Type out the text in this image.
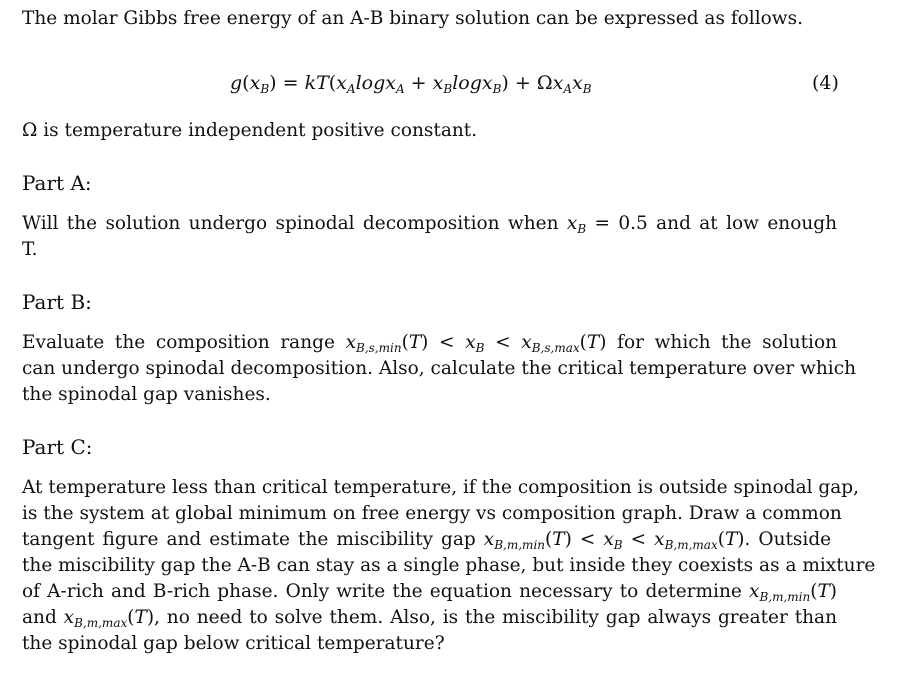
The molar Gibbs free energy of an A-B binary solution can be expressed as follows.
$g(x_B) = kT(x_A\log x_A + x_B\log x_B) + \Omega x_Ax_B$	(4)
Ω is temperature independent positive constant.
Part A:
Will the solution undergo spinodal decomposition when $x_B = 0.5$ and at low enough
T.
Part B:
Evaluate the composition range $x_{B,s,min}(T) < x_B < x_{B,s,max}(T)$ for which the solution
can undergo spinodal decomposition. Also, calculate the critical temperature over which
the spinodal gap vanishes.
Part C:
At temperature less than critical temperature, if the composition is outside spinodal gap,
is the system at global minimum on free energy vs composition graph. Draw a common
tangent figure and estimate the miscibility gap $x_{B,m,min}(T) < x_B < x_{B,m,max}(T)$. Outside
the miscibility gap the A-B can stay as a single phase, but inside they coexists as a mixture
of A-rich and B-rich phase. Only write the equation necessary to determine $x_{B,m,min}(T)$
and $x_{B,m,max}(T)$, no need to solve them. Also, is the miscibility gap always greater than
the spinodal gap below critical temperature?
